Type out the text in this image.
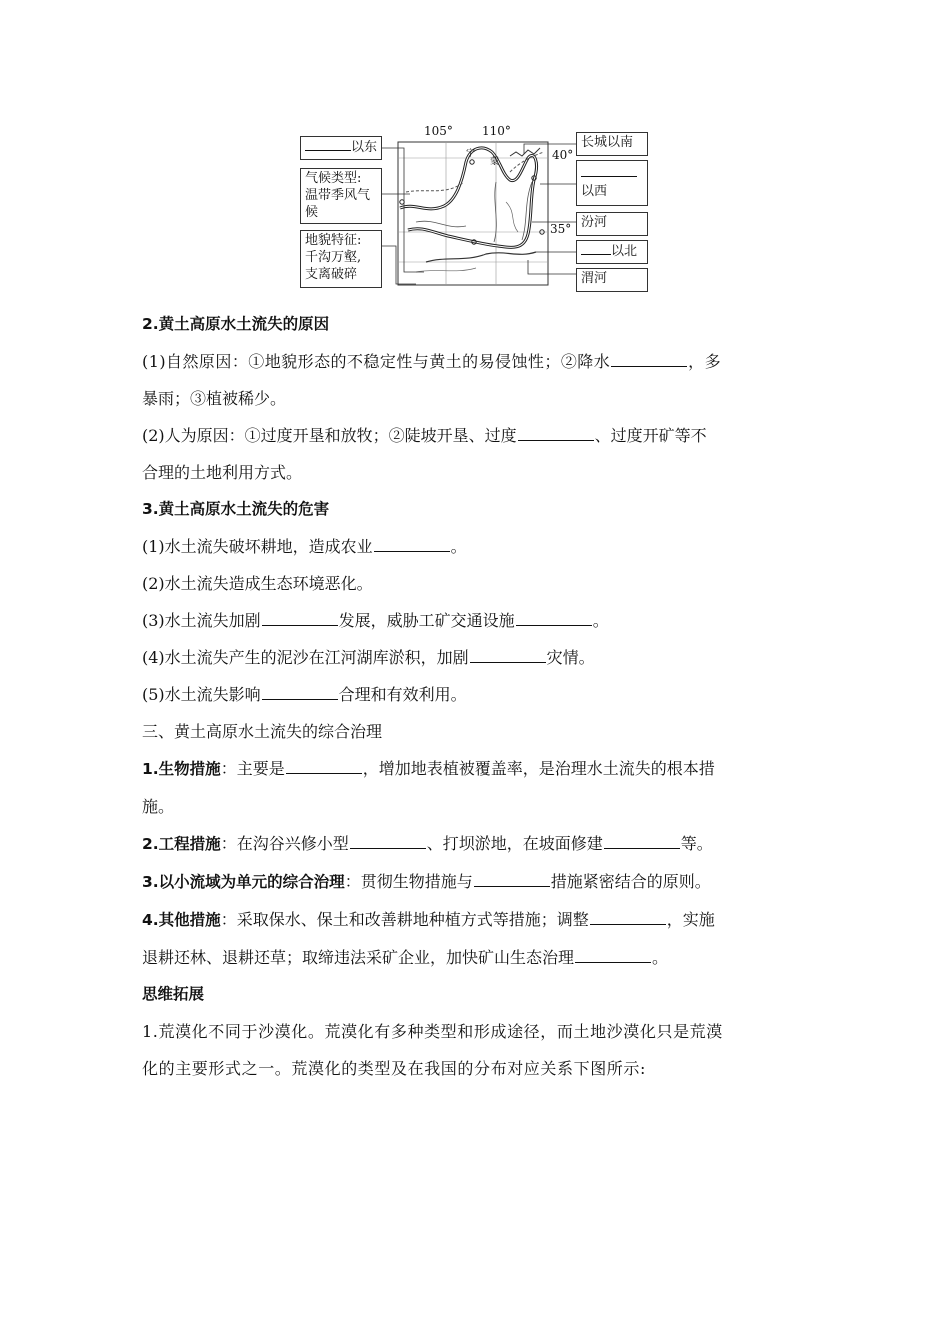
105° 110°
40°
35°
宁
蒙
以东
气候类型:
温带季风气
候
地貌特征:
千沟万壑,
支离破碎
长城以南
以西
汾河
以北
渭河
2.黄土高原水土流失的原因
(1)自然原因：①地貌形态的不稳定性与黄土的易侵蚀性；②降水	，多
暴雨；③植被稀少。
(2)人为原因：①过度开垦和放牧；②陡坡开垦、过度	、过度开矿等不
合理的土地利用方式。
3.黄土高原水土流失的危害
(1)水土流失破坏耕地，造成农业	。
(2)水土流失造成生态环境恶化。
(3)水土流失加剧	发展，威胁工矿交通设施	。
(4)水土流失产生的泥沙在江河湖库淤积，加剧	灾情。
(5)水土流失影响	合理和有效利用。
三、黄土高原水土流失的综合治理
1.生物措施：主要是	，增加地表植被覆盖率，是治理水土流失的根本措
施。
2.工程措施：在沟谷兴修小型	、打坝淤地，在坡面修建	等。
3.以小流域为单元的综合治理：贯彻生物措施与	措施紧密结合的原则。
4.其他措施：采取保水、保土和改善耕地种植方式等措施；调整	，实施
退耕还林、退耕还草；取缔违法采矿企业，加快矿山生态治理	。
思维拓展
1.荒漠化不同于沙漠化。荒漠化有多种类型和形成途径，而土地沙漠化只是荒漠
化的主要形式之一。荒漠化的类型及在我国的分布对应关系下图所示:
